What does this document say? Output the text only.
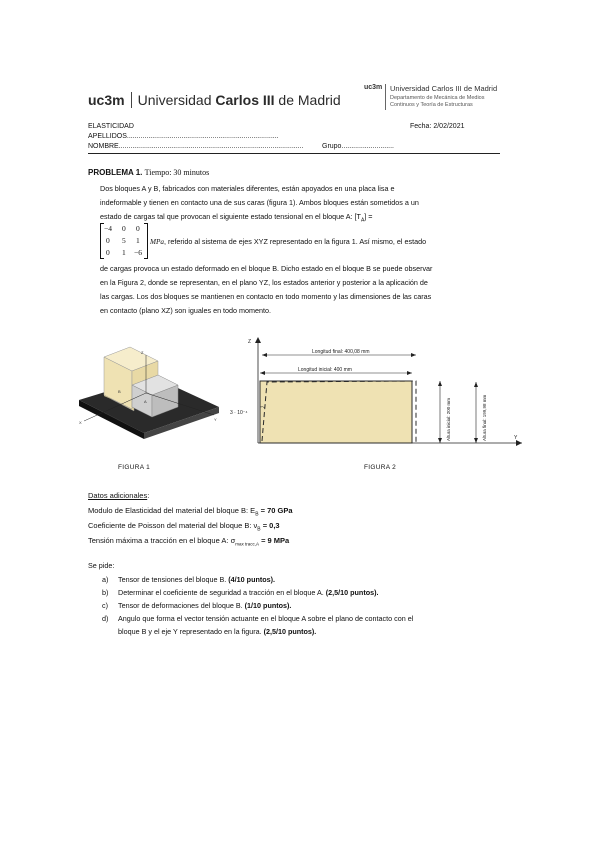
uc3m Universidad Carlos III de Madrid
uc3m Universidad Carlos III de Madrid
Departamento de Mecánica de Medios
Continuos y Teoría de Estructuras
ELASTICIDAD	Fecha: 2/02/2021
APELLIDOS..............................................................................
NOMBRE...............................................................................................	Grupo...........................
PROBLEMA 1. Tiempo: 30 minutos
Dos bloques A y B, fabricados con materiales diferentes, están apoyados en una placa lisa e
indeformable y tienen en contacto una de sus caras (figura 1). Ambos bloques están sometidos a un
estado de cargas tal que provocan el siguiente estado tensional en el bloque A: $[T_A]$ =
−4 0 0
0 5 1
0 1 −6
MPa, referido al sistema de ejes XYZ representado en la figura 1. Así mismo, el estado
de cargas provoca un estado deformado en el bloque B. Dicho estado en el bloque B se puede observar
en la Figura 2, donde se representan, en el plano YZ, los estados anterior y posterior a la aplicación de
las cargas. Los dos bloques se mantienen en contacto en todo momento y las dimensiones de las caras
en contacto (plano XZ) son iguales en todo momento.
B
A
Z
X
Y
FIGURA 1
Z
Y
Longitud final: 400,08 mm
Longitud inicial: 400 mm
Altura inicial: 200 mm	Altura final: 199,98 mm
3 · 10⁻⁴
FIGURA 2
Datos adicionales:
Modulo de Elasticidad del material del bloque B: $E_B = 70$ GPa
Coeficiente de Poisson del material del bloque B: $\nu_B = 0,3$
Tensión máxima a tracción en el bloque A: $\sigma_{max tracc,A} = 9$ MPa
Se pide:
a) Tensor de tensiones del bloque B. (4/10 puntos).
b) Determinar el coeficiente de seguridad a tracción en el bloque A. (2,5/10 puntos).
c) Tensor de deformaciones del bloque B. (1/10 puntos).
d) Angulo que forma el vector tensión actuante en el bloque A sobre el plano de contacto con el
bloque B y el eje Y representado en la figura. (2,5/10 puntos).
